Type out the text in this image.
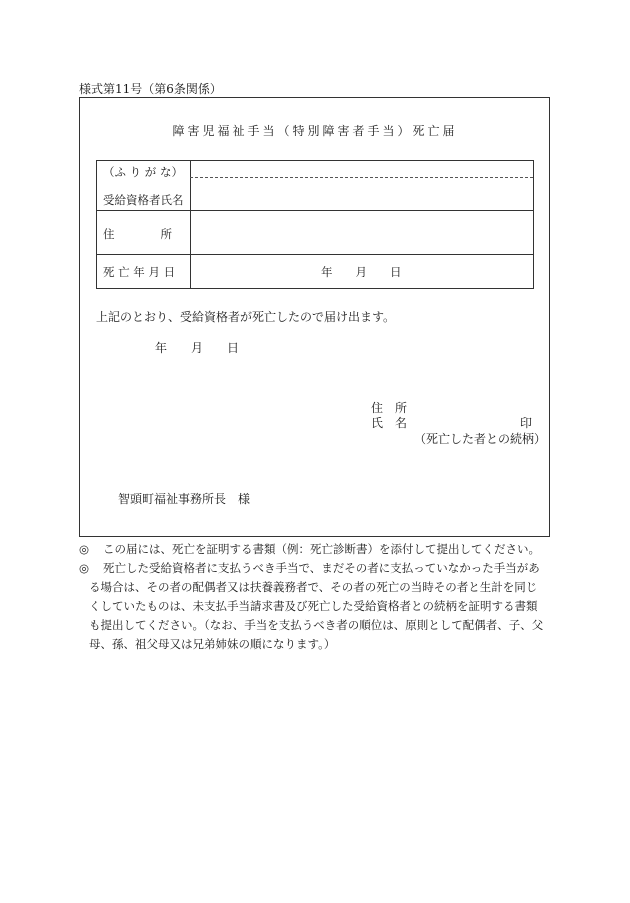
様式第11号（第6条関係）
障害児福祉手当（特別障害者手当）死亡届
（ふ り が な）
受給資格者氏名
住　　　　所
死 亡 年 月 日	年　　月　　日
上記のとおり、受給資格者が死亡したので届け出ます。
年　　月　　日
住　所
氏　名	印
（死亡した者との続柄）
智頭町福祉事務所長　様
◎	この届には、死亡を証明する書類（例：死亡診断書）を添付して提出してください。
◎	死亡した受給資格者に支払うべき手当で、まだその者に支払っていなかった手当があ
る場合は、その者の配偶者又は扶養義務者で、その者の死亡の当時その者と生計を同じ
くしていたものは、未支払手当請求書及び死亡した受給資格者との続柄を証明する書類
も提出してください。（なお、手当を支払うべき者の順位は、原則として配偶者、子、父
母、孫、祖父母又は兄弟姉妹の順になります。）
